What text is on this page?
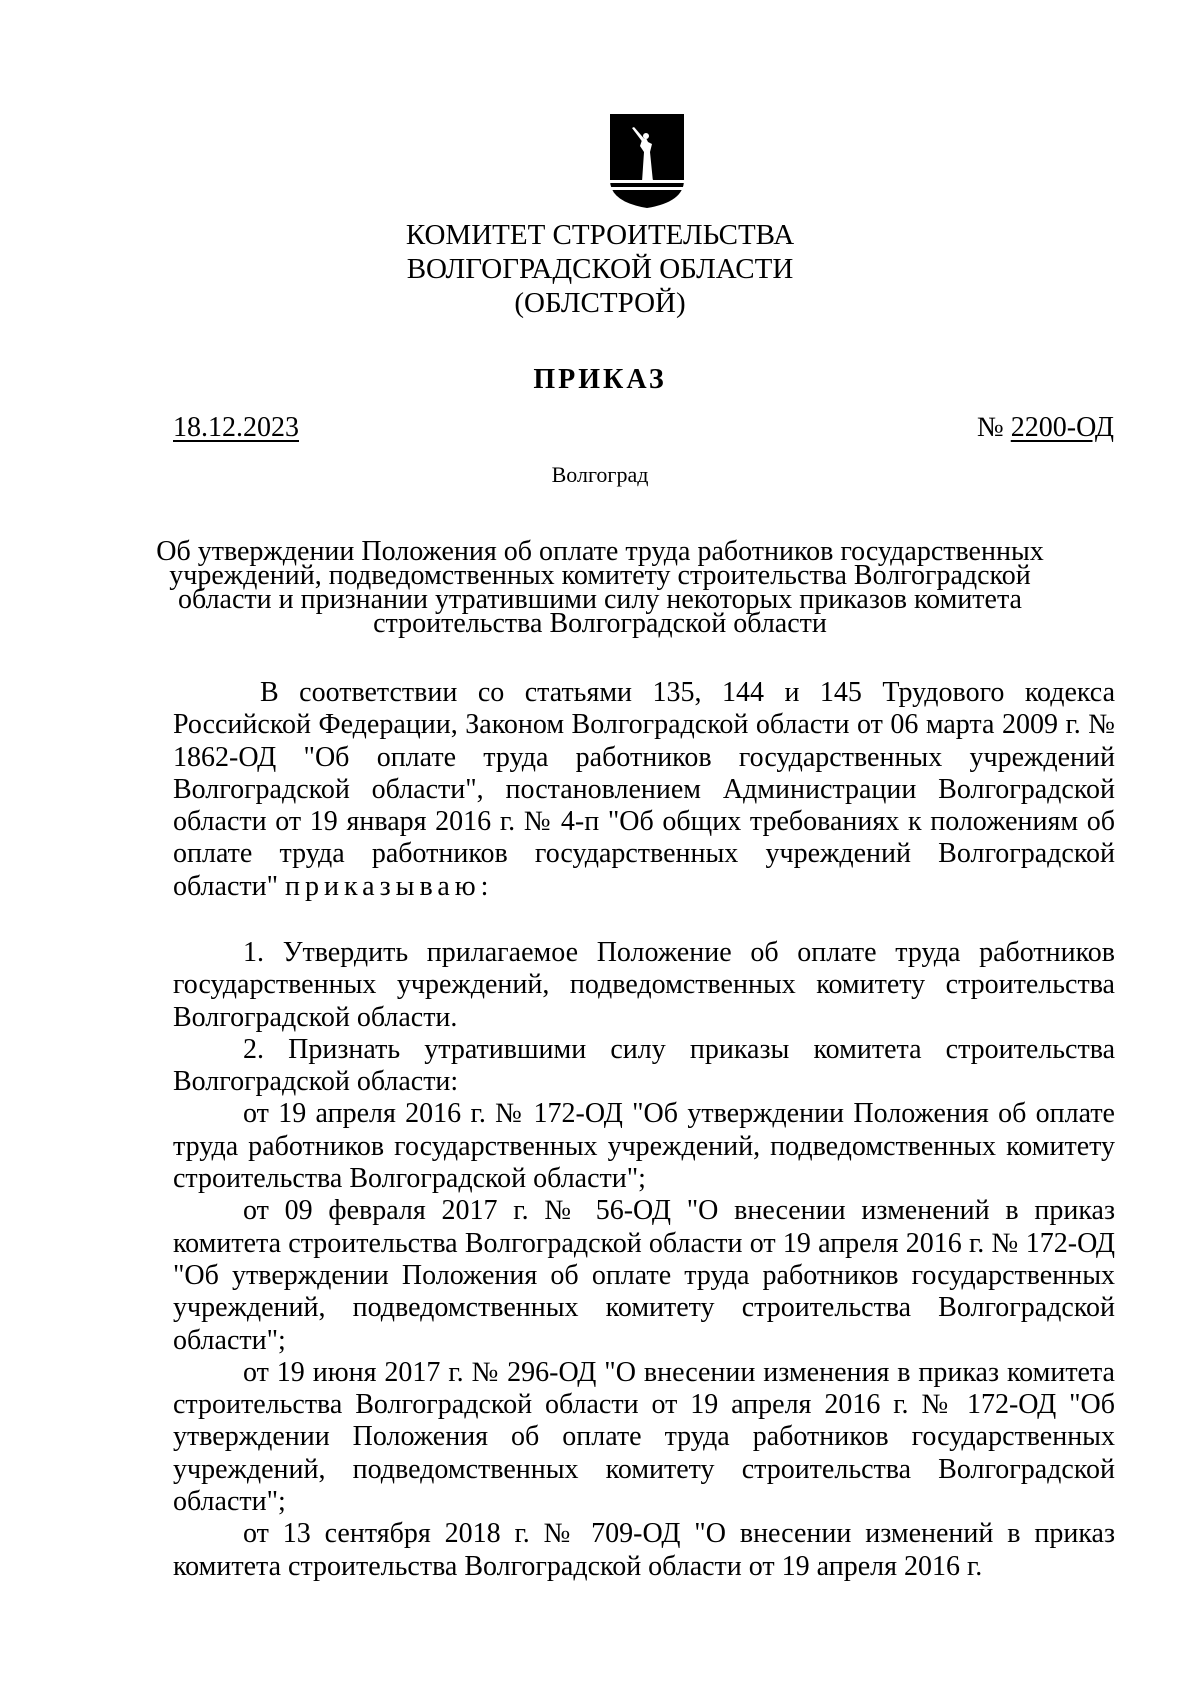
КОМИТЕТ СТРОИТЕЛЬСТВА
ВОЛГОГРАДСКОЙ ОБЛАСТИ
(ОБЛСТРОЙ)
ПРИКАЗ
18.12.2023	№ 2200-ОД
Волгоград
Об утверждении Положения об оплате труда работников государственных
учреждений, подведомственных комитету строительства Волгоградской
области и признании утратившими силу некоторых приказов комитета
строительства Волгоградской области
В соответствии со статьями 135, 144 и 145 Трудового кодекса Российской Федерации, Законом Волгоградской области от 06 марта 2009 г. № 1862-ОД "Об оплате труда работников государственных учреждений Волгоградской области", постановлением Администрации Волгоградской области от 19 января 2016 г. № 4-п "Об общих требованиях к положениям об оплате труда работников государственных учреждений Волгоградской области" приказываю:
1. Утвердить прилагаемое Положение об оплате труда работников государственных учреждений, подведомственных комитету строительства Волгоградской области.
2. Признать утратившими силу приказы комитета строительства Волгоградской области:
от 19 апреля 2016 г. № 172-ОД "Об утверждении Положения об оплате труда работников государственных учреждений, подведомственных комитету строительства Волгоградской области";
от 09 февраля 2017 г. № 56-ОД "О внесении изменений в приказ комитета строительства Волгоградской области от 19 апреля 2016 г. № 172-ОД "Об утверждении Положения об оплате труда работников государственных учреждений, подведомственных комитету строительства Волгоградской области";
от 19 июня 2017 г. № 296-ОД "О внесении изменения в приказ комитета строительства Волгоградской области от 19 апреля 2016 г. № 172-ОД "Об утверждении Положения об оплате труда работников государственных учреждений, подведомственных комитету строительства Волгоградской области";
от 13 сентября 2018 г. № 709-ОД "О внесении изменений в приказ комитета строительства Волгоградской области от 19 апреля 2016 г.
